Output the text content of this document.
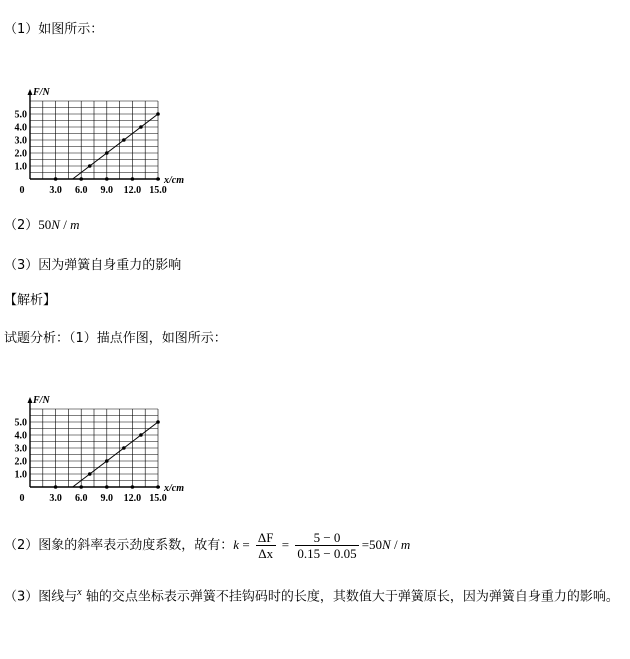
（1）如图所示：
F/N
x/cm
0 3.0 6.0 9.0 12.0 15.0
1.0
2.0
3.0
4.0
5.0
（2）50N / m
（3）因为弹簧自身重力的影响
【解析】
试题分析：（1）描点作图，如图所示：
F/N
x/cm
0 3.0 6.0 9.0 12.0 15.0
1.0
2.0
3.0
4.0
5.0
（2）图象的斜率表示劲度系数，故有：$k = \frac{\Delta F}{\Delta x} = \frac{5 - 0}{0.15 - 0.05} =50N / m$
（3）图线与$^x$ 轴的交点坐标表示弹簧不挂钩码时的长度，其数值大于弹簧原长，因为弹簧自身重力的影响。
